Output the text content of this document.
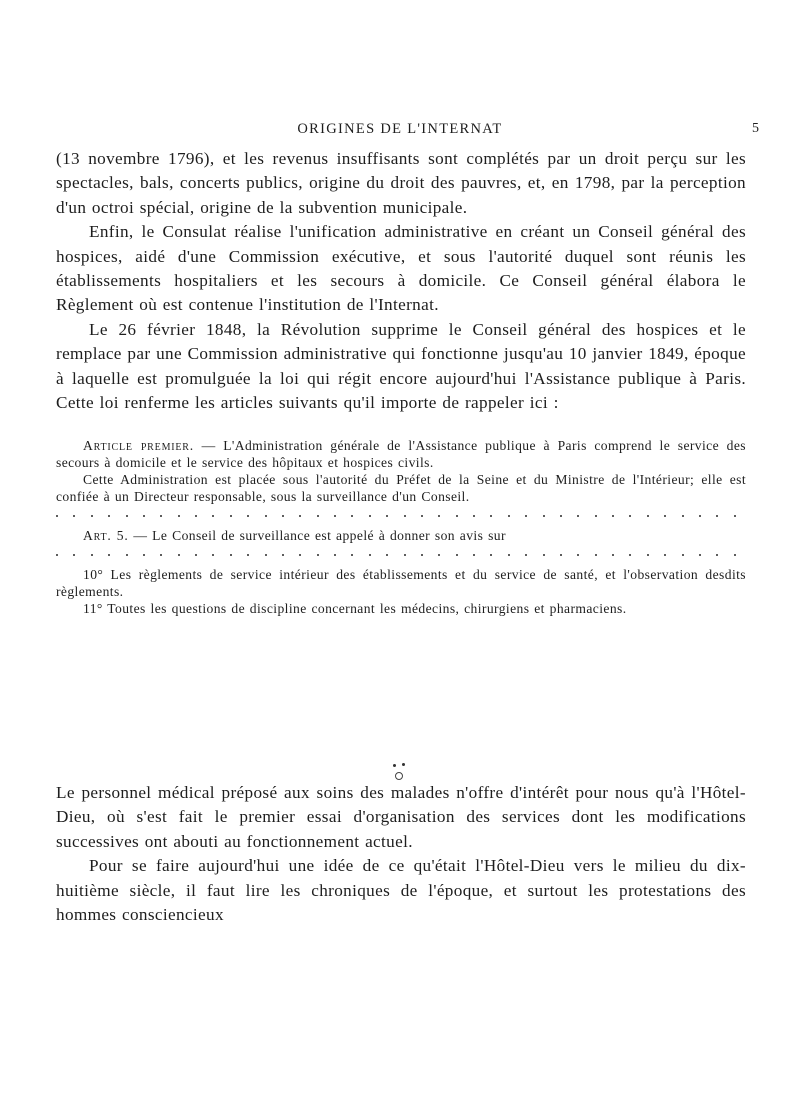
ORIGINES DE L'INTERNAT	5

(13 novembre 1796), et les revenus insuffisants sont complétés par un droit perçu sur les spectacles, bals, concerts publics, origine du droit des pauvres, et, en 1798, par la perception d'un octroi spécial, origine de la subvention municipale.

Enfin, le Consulat réalise l'unification administrative en créant un Conseil général des hospices, aidé d'une Commission exécutive, et sous l'autorité duquel sont réunis les établissements hospitaliers et les secours à domicile. Ce Conseil général élabora le Règlement où est contenue l'institution de l'Internat.

Le 26 février 1848, la Révolution supprime le Conseil général des hospices et le remplace par une Commission administrative qui fonctionne jusqu'au 10 janvier 1849, époque à laquelle est promulguée la loi qui régit encore aujourd'hui l'Assistance publique à Paris. Cette loi renferme les articles suivants qu'il importe de rappeler ici :

Article premier. — L'Administration générale de l'Assistance publique à Paris comprend le service des secours à domicile et le service des hôpitaux et hospices civils.

Cette Administration est placée sous l'autorité du Préfet de la Seine et du Ministre de l'Intérieur; elle est confiée à un Directeur responsable, sous la surveillance d'un Conseil.

Art. 5. — Le Conseil de surveillance est appelé à donner son avis sur

10° Les règlements de service intérieur des établissements et du service de santé, et l'observation desdits règlements.

11° Toutes les questions de discipline concernant les médecins, chirurgiens et pharmaciens.

Le personnel médical préposé aux soins des malades n'offre d'intérêt pour nous qu'à l'Hôtel-Dieu, où s'est fait le premier essai d'organisation des services dont les modifications successives ont abouti au fonctionnement actuel.

Pour se faire aujourd'hui une idée de ce qu'était l'Hôtel-Dieu vers le milieu du dix-huitième siècle, il faut lire les chroniques de l'époque, et surtout les protestations des hommes consciencieux
